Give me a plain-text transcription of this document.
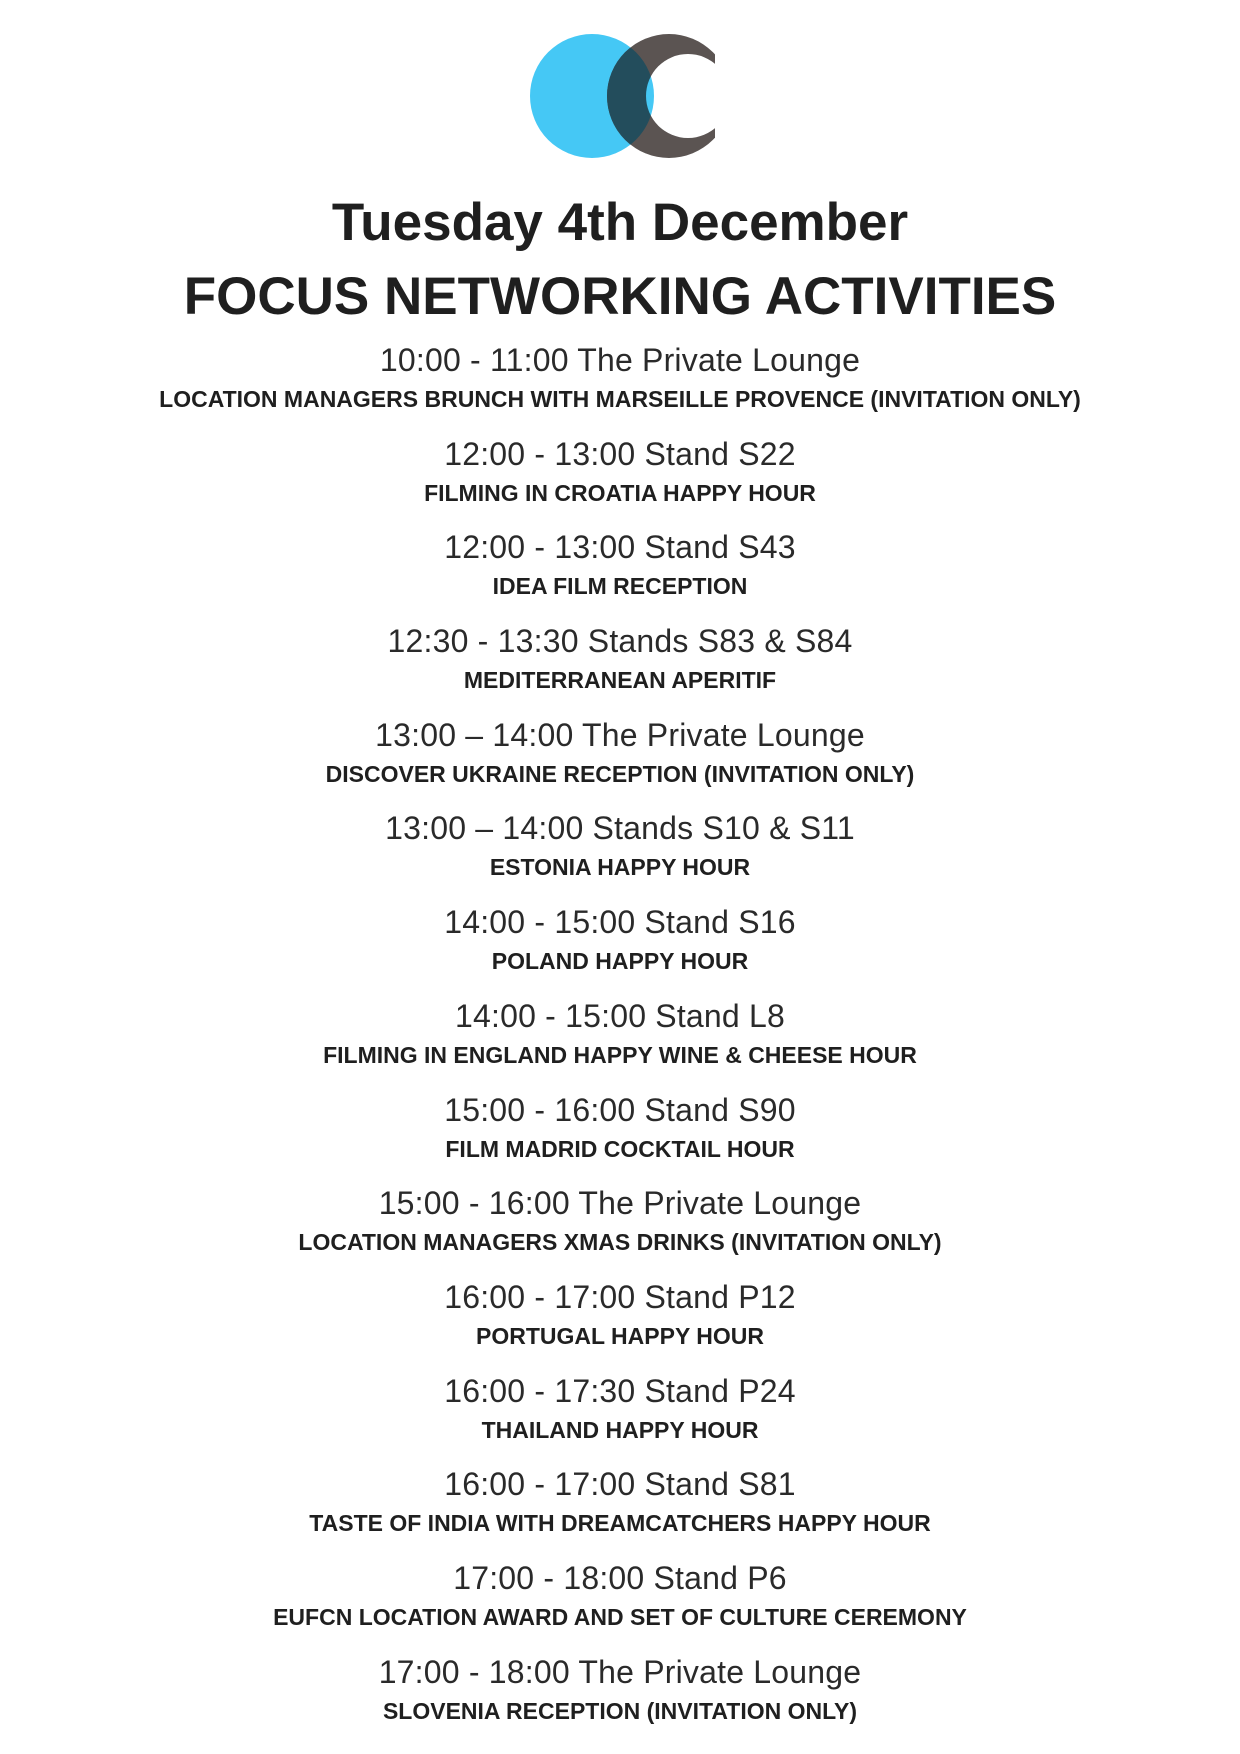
Tuesday 4th December
FOCUS NETWORKING ACTIVITIES
10:00 - 11:00 The Private Lounge
LOCATION MANAGERS BRUNCH WITH MARSEILLE PROVENCE (INVITATION ONLY)
12:00 - 13:00 Stand S22
FILMING IN CROATIA HAPPY HOUR
12:00 - 13:00 Stand S43
IDEA FILM RECEPTION
12:30 - 13:30 Stands S83 & S84
MEDITERRANEAN APERITIF
13:00 – 14:00 The Private Lounge
DISCOVER UKRAINE RECEPTION (INVITATION ONLY)
13:00 – 14:00 Stands S10 & S11
ESTONIA HAPPY HOUR
14:00 - 15:00 Stand S16
POLAND HAPPY HOUR
14:00 - 15:00 Stand L8
FILMING IN ENGLAND HAPPY WINE & CHEESE HOUR
15:00 - 16:00 Stand S90
FILM MADRID COCKTAIL HOUR
15:00 - 16:00 The Private Lounge
LOCATION MANAGERS XMAS DRINKS (INVITATION ONLY)
16:00 - 17:00 Stand P12
PORTUGAL HAPPY HOUR
16:00 - 17:30 Stand P24
THAILAND HAPPY HOUR
16:00 - 17:00 Stand S81
TASTE OF INDIA WITH DREAMCATCHERS HAPPY HOUR
17:00 - 18:00 Stand P6
EUFCN LOCATION AWARD AND SET OF CULTURE CEREMONY
17:00 - 18:00 The Private Lounge
SLOVENIA RECEPTION (INVITATION ONLY)
